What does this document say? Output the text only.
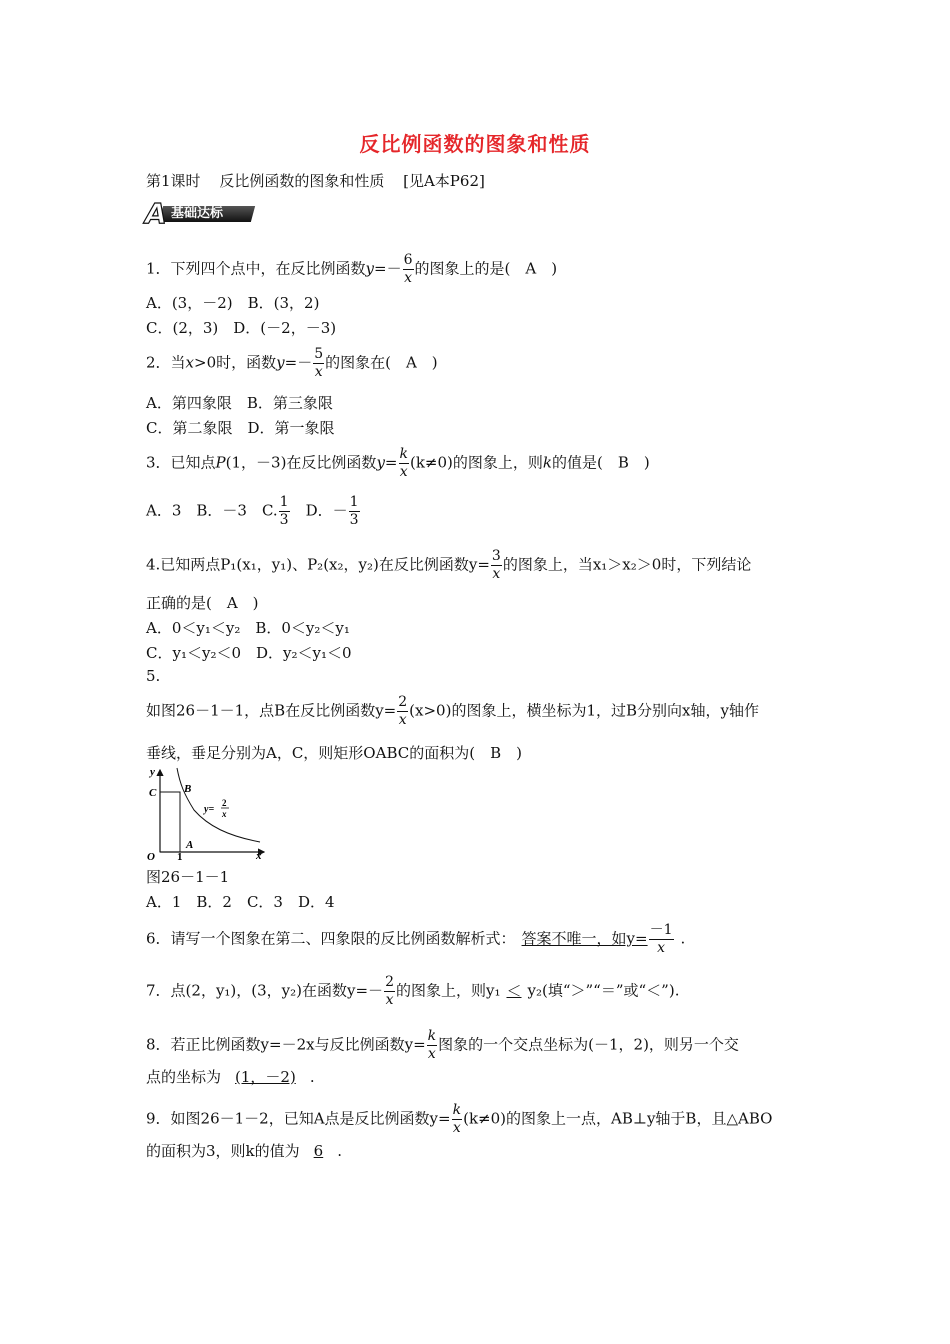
反比例函数的图象和性质
第1课时 反比例函数的图象和性质 [见A本P62]
A 基础达标
1．下列四个点中，在反比例函数$y=- \frac{6}{x}$ 的图象上的是(　A　)
A．(3，－2)　B．(3，2)
C．(2，3)　D．(－2，－3)
2．当x>0时，函数$y=- \frac{5}{x}$ 的图象在(　A　)
A．第四象限　B．第三象限
C．第二象限　D．第一象限
3．已知点P(1，－3)在反比例函数$y= \frac{k}{x} (k\ne 0)$的图象上，则k的值是(　B　)
A．3　B．－3　C. $\frac{1}{3}$ 　D．－ $\frac{1}{3}$
4.已知两点P₁(x₁，y₁)、P₂(x₂，y₂)在反比例函数$y= \frac{3}{x}$ 的图象上，当x₁＞x₂＞0时，下列结论
正确的是(　A　)
A．0＜y₁＜y₂　B．0＜y₂＜y₁
C．y₁＜y₂＜0　D．y₂＜y₁＜0
5.
如图26－1－1，点B在反比例函数$y= \frac{2}{x} (x>0)$的图象上，横坐标为1，过B分别向x轴，y轴作
垂线，垂足分别为A，C，则矩形OABC的面积为(　B　)
y
x
O 1
A
B
C
y=
2
x
图26－1－1
A．1　B．2　C．3　D．4
6．请写一个图象在第二、四象限的反比例函数解析式： 答案不唯一，如$y= \frac{-1}{x}$ .
7．点(2，y₁)，(3，y₂)在函数$y=- \frac{2}{x}$ 的图象上，则y₁ ＜ y₂(填“＞”“＝”或“＜”).
8．若正比例函数y=－2x与反比例函数$y= \frac{k}{x}$ 图象的一个交点坐标为(－1，2)，则另一个交
点的坐标为 (1，－2) .
9．如图26－1－2，已知A点是反比例函数$y= \frac{k}{x} (k\ne 0)$的图象上一点，AB⊥y轴于B，且△ABO
的面积为3，则k的值为 6 .
